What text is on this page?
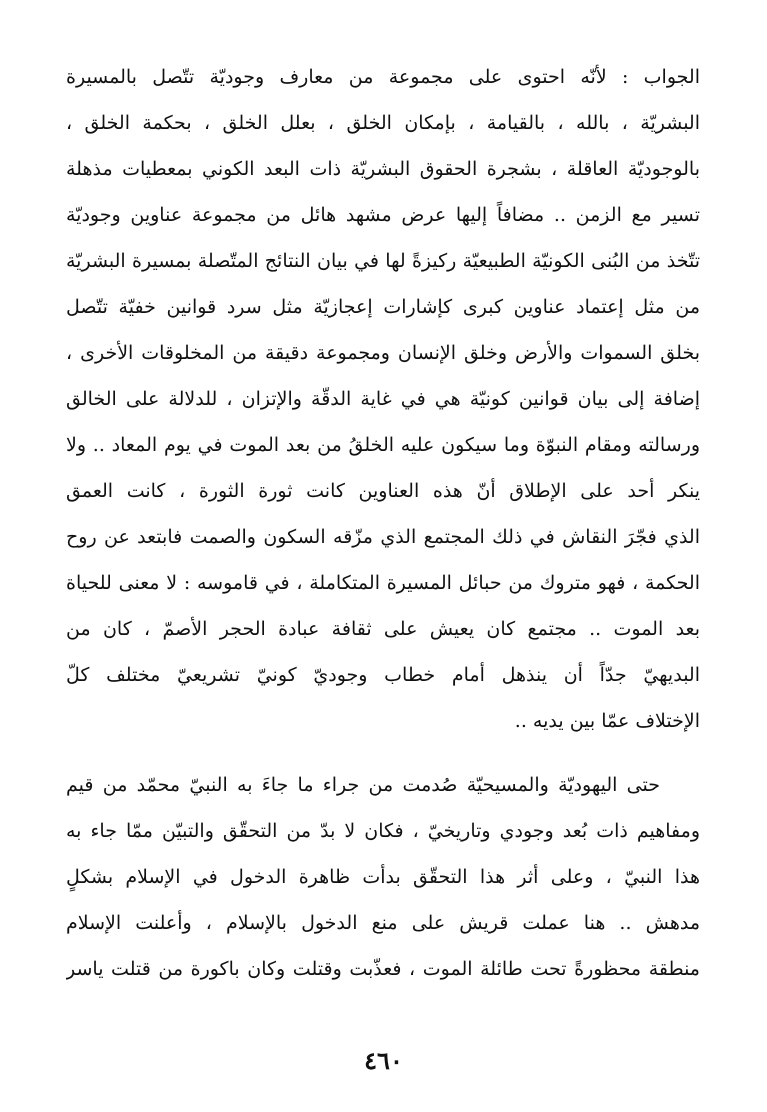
الجواب : لأنّه احتوى على مجموعة من معارف وجوديّة تتّصل بالمسيرة
البشريّة ، بالله ، بالقيامة ، بإمكان الخلق ، بعلل الخلق ، بحكمة الخلق ،
بالوجوديّة العاقلة ، بشجرة الحقوق البشريّة ذات البعد الكوني بمعطيات مذهلة
تسير مع الزمن .. مضافاً إليها عرض مشهد هائل من مجموعة عناوين وجوديّة
تتّخذ من البُنى الكونيّة الطبيعيّة ركيزةً لها في بيان النتائج المتّصلة بمسيرة البشريّة
من مثل إعتماد عناوين كبرى كإشارات إعجازيّة مثل سرد قوانين خفيّة تتّصل
بخلق السموات والأرض وخلق الإنسان ومجموعة دقيقة من المخلوقات الأخرى ،
إضافة إلى بيان قوانين كونيّة هي في غاية الدقّة والإتزان ، للدلالة على الخالق
ورسالته ومقام النبوّة وما سيكون عليه الخلقُ من بعد الموت في يوم المعاد .. ولا
ينكر أحد على الإطلاق أنّ هذه العناوين كانت ثورة الثورة ، كانت العمق
الذي فجّرَ النقاش في ذلك المجتمع الذي مزّقه السكون والصمت فابتعد عن روح
الحكمة ، فهو متروك من حبائل المسيرة المتكاملة ، في قاموسه : لا معنى للحياة
بعد الموت .. مجتمع كان يعيش على ثقافة عبادة الحجر الأصمّ ، كان من
البديهيّ جدّاً أن ينذهل أمام خطاب وجوديّ كونيّ تشريعيّ مختلف كلّ
الإختلاف عمّا بين يديه ..
حتى اليهوديّة والمسيحيّة صُدمت من جراء ما جاءَ به النبيّ محمّد من قيم
ومفاهيم ذات بُعد وجودي وتاريخيّ ، فكان لا بدّ من التحقّق والتبيّن ممّا جاء به
هذا النبيّ ، وعلى أثر هذا التحقّق بدأت ظاهرة الدخول في الإسلام بشكلٍ
مدهش .. هنا عملت قريش على منع الدخول بالإسلام ، وأعلنت الإسلام
منطقة محظورةً تحت طائلة الموت ، فعذّبت وقتلت وكان باكورة من قتلت ياسر
٤٦٠
